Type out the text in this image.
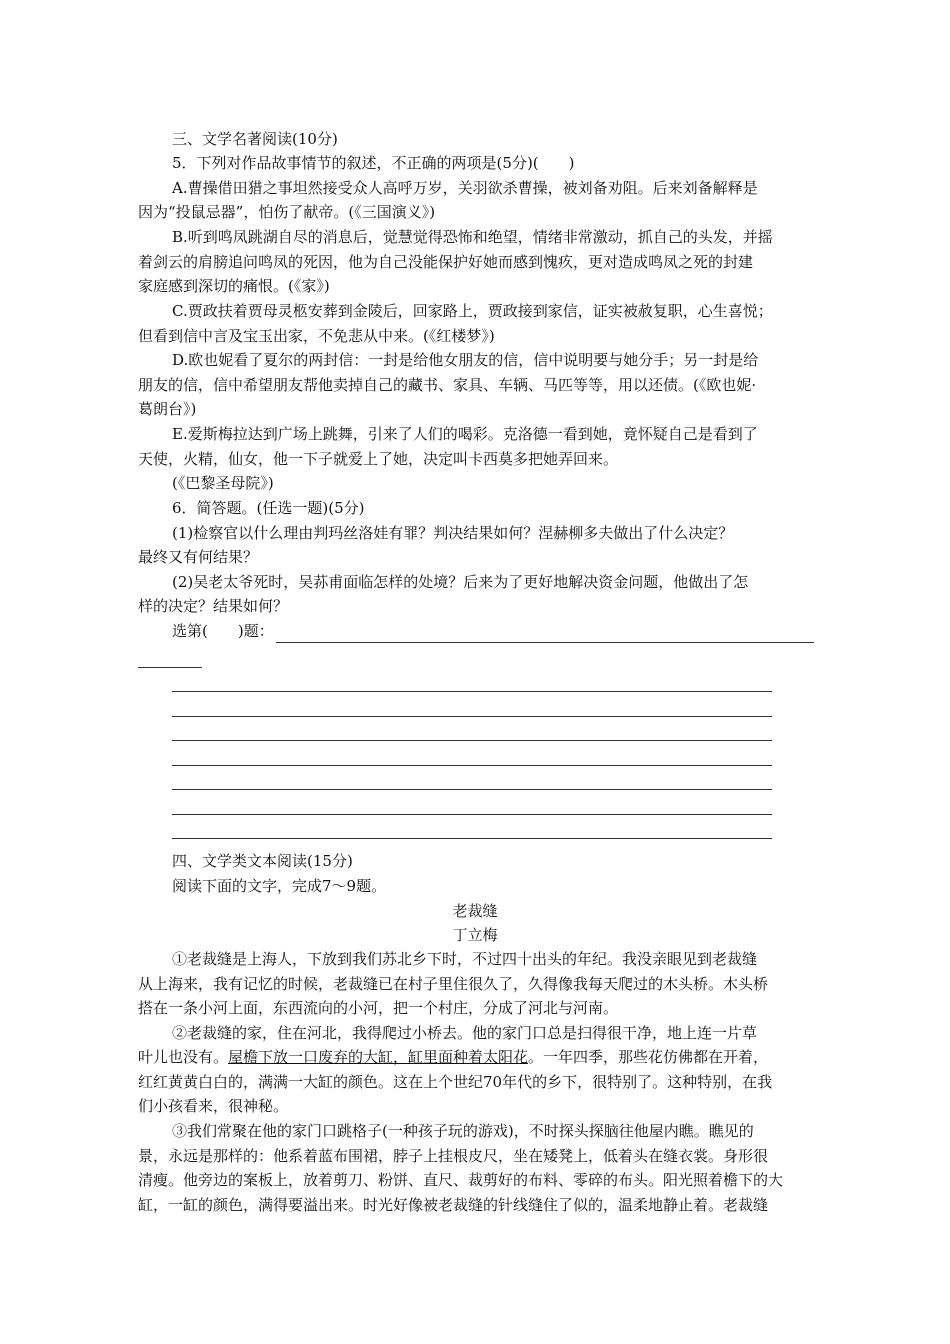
三、文学名著阅读(10分)
5．下列对作品故事情节的叙述，不正确的两项是(5分)(　　)
A.曹操借田猎之事坦然接受众人高呼万岁，关羽欲杀曹操，被刘备劝阻。后来刘备解释是
因为“投鼠忌器”，怕伤了献帝。(《三国演义》)
B.听到鸣凤跳湖自尽的消息后，觉慧觉得恐怖和绝望，情绪非常激动，抓自己的头发，并摇
着剑云的肩膀追问鸣凤的死因，他为自己没能保护好她而感到愧疚，更对造成鸣凤之死的封建
家庭感到深切的痛恨。(《家》)
C.贾政扶着贾母灵柩安葬到金陵后，回家路上，贾政接到家信，证实被赦复职，心生喜悦；
但看到信中言及宝玉出家，不免悲从中来。(《红楼梦》)
D.欧也妮看了夏尔的两封信：一封是给他女朋友的信，信中说明要与她分手；另一封是给
朋友的信，信中希望朋友帮他卖掉自己的藏书、家具、车辆、马匹等等，用以还债。(《欧也妮·
葛朗台》)
E.爱斯梅拉达到广场上跳舞，引来了人们的喝彩。克洛德一看到她，竟怀疑自己是看到了
天使，火精，仙女，他一下子就爱上了她，决定叫卡西莫多把她弄回来。
(《巴黎圣母院》)
6．简答题。(任选一题)(5分)
(1)检察官以什么理由判玛丝洛娃有罪？判决结果如何？涅赫柳多夫做出了什么决定？
最终又有何结果？
(2)吴老太爷死时，吴荪甫面临怎样的处境？后来为了更好地解决资金问题，他做出了怎
样的决定？结果如何？
选第(　　)题：
四、文学类文本阅读(15分)
阅读下面的文字，完成7～9题。
老裁缝
丁立梅
①老裁缝是上海人，下放到我们苏北乡下时，不过四十出头的年纪。我没亲眼见到老裁缝
从上海来，我有记忆的时候，老裁缝已在村子里住很久了，久得像我每天爬过的木头桥。木头桥
搭在一条小河上面，东西流向的小河，把一个村庄，分成了河北与河南。
②老裁缝的家，住在河北，我得爬过小桥去。他的家门口总是扫得很干净，地上连一片草
叶儿也没有。屋檐下放一口废弃的大缸，缸里面种着太阳花。一年四季，那些花仿佛都在开着，
红红黄黄白白的，满满一大缸的颜色。这在上个世纪70年代的乡下，很特别了。这种特别，在我
们小孩看来，很神秘。
③我们常聚在他的家门口跳格子(一种孩子玩的游戏)，不时探头探脑往他屋内瞧。瞧见的
景，永远是那样的：他系着蓝布围裙，脖子上挂根皮尺，坐在矮凳上，低着头在缝衣裳。身形很
清瘦。他旁边的案板上，放着剪刀、粉饼、直尺、裁剪好的布料、零碎的布头。阳光照着檐下的大
缸，一缸的颜色，满得要溢出来。时光好像被老裁缝的针线缝住了似的，温柔地静止着。老裁缝
